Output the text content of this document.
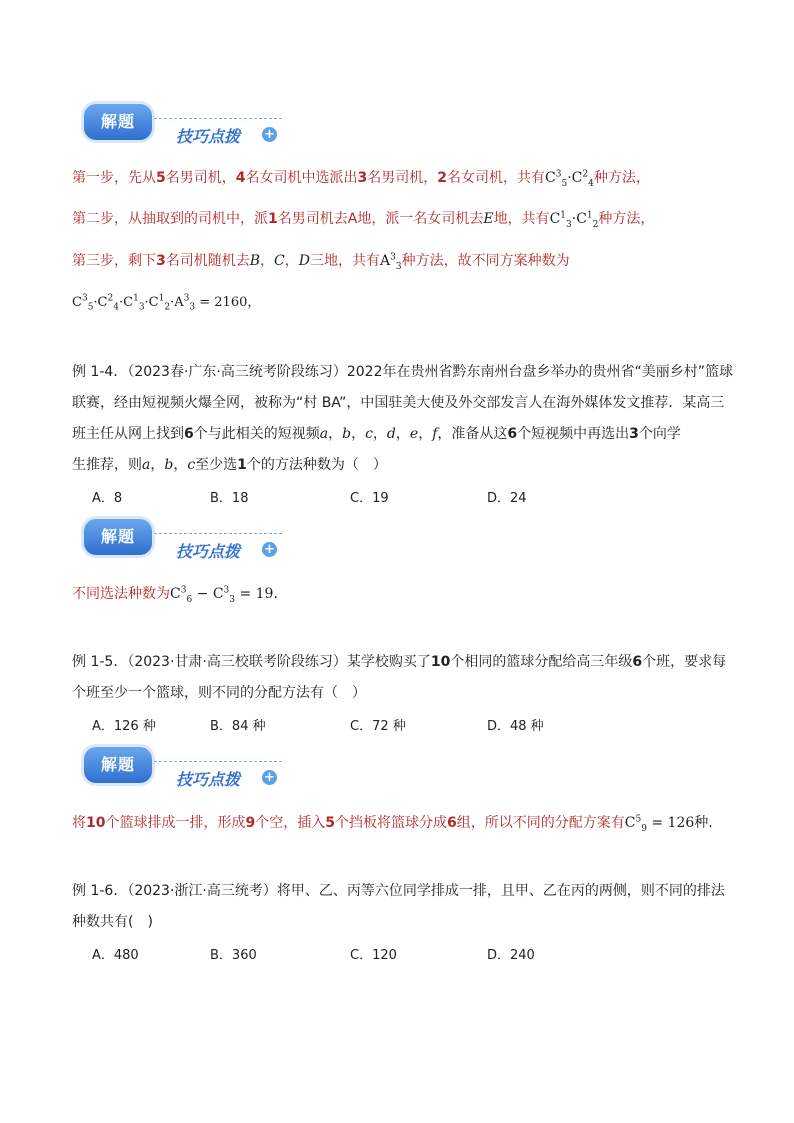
解题
技巧点拨 +
第一步，先从5名男司机，4名女司机中选派出3名男司机，2名女司机，共有$C^3_5\cdot C^2_4$种方法，
第二步，从抽取到的司机中，派1名男司机去A地，派一名女司机去E地，共有$C^1_3\cdot C^1_2$种方法，
第三步，剩下3名司机随机去B，C，D三地，共有$A^3_3$种方法，故不同方案种数为
$C^3_5\cdot C^2_4\cdot C^1_3\cdot C^1_2\cdot A^3_3 = 2160$，
例 1-4．（2023春·广东·高三统考阶段练习）2022年在贵州省黔东南州台盘乡举办的贵州省“美丽乡村”篮球
联赛，经由短视频火爆全网，被称为“村 BA”，中国驻美大使及外交部发言人在海外媒体发文推荐．某高三
班主任从网上找到6个与此相关的短视频a，b，c，d，e，f，准备从这6个短视频中再选出3个向学
生推荐，则a，b，c至少选1个的方法种数为（　）
A．8	B．18	C．19	D．24
解题
技巧点拨 +
不同选法种数为$C^3_6 - C^3_3 = 19$．
例 1-5．（2023·甘肃·高三校联考阶段练习）某学校购买了10个相同的篮球分配给高三年级6个班，要求每
个班至少一个篮球，则不同的分配方法有（　）
A．126 种	B．84 种	C．72 种	D．48 种
解题
技巧点拨 +
将10个篮球排成一排，形成9个空，插入5个挡板将篮球分成6组，所以不同的分配方案有$C^5_9 = 126$种.
例 1-6．（2023·浙江·高三统考）将甲、乙、丙等六位同学排成一排，且甲、乙在丙的两侧，则不同的排法
种数共有(　)
A．480	B．360	C．120	D．240
